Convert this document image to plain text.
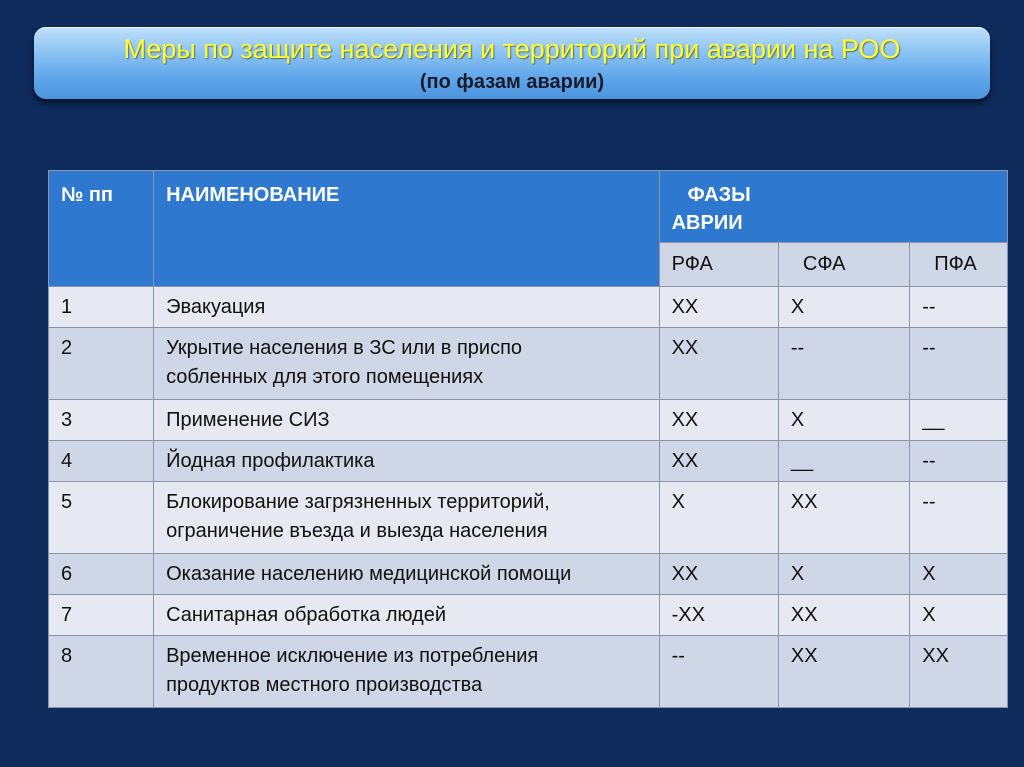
Меры по защите населения и территорий при аварии на РОО
(по фазам аварии)
№ пп	НАИМЕНОВАНИЕ	ФАЗЫ
АВРИИ		

		РФА	СФА	ПФА
1	Эвакуация	XX	X	--
2	Укрытие населения в ЗС или в приспо
собленных для этого помещениях	XX	--	--
3	Применение СИЗ	XX	X	__
4	Йодная профилактика	XX	__	--
5	Блокирование загрязненных территорий,
ограничение въезда и выезда населения	X	XX	--
6	Оказание населению медицинской помощи	XX	X	X
7	Санитарная обработка людей	-XX	XX	X
8	Временное исключение из потребления
продуктов местного производства	--	XX	XX
